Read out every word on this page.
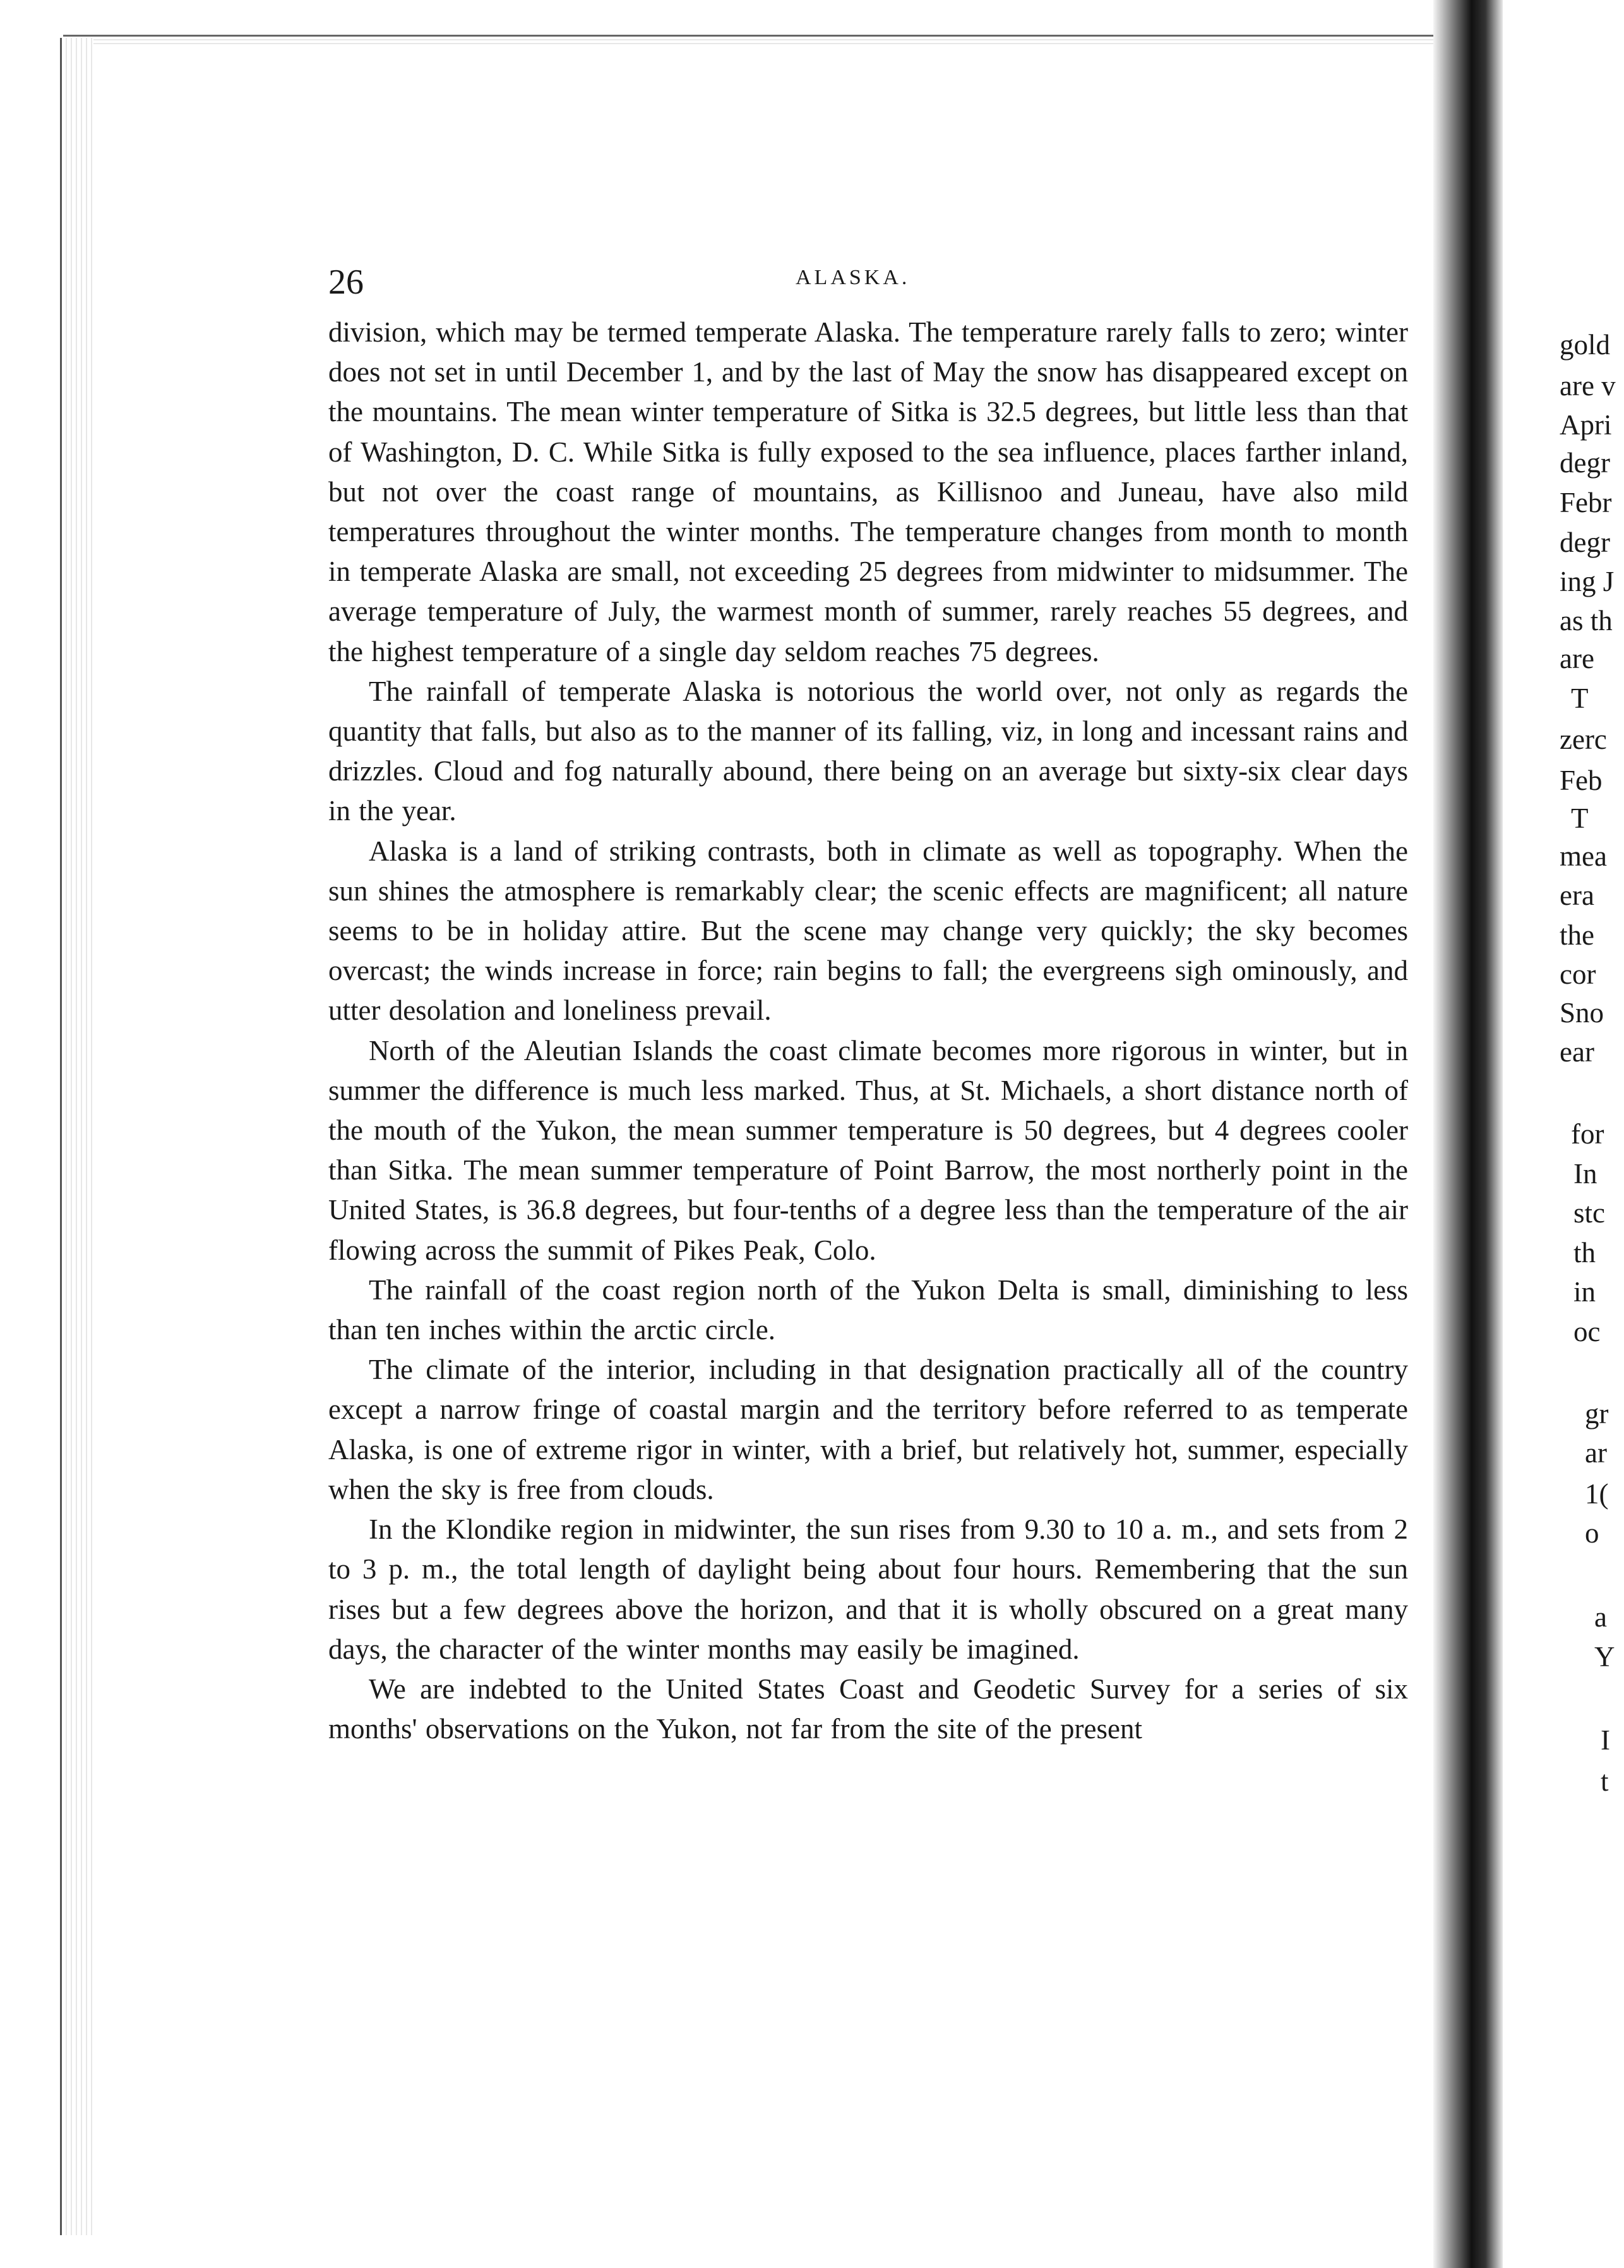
26	ALASKA.

division, which may be termed temperate Alaska. The temperature rarely falls to zero; winter does not set in until December 1, and by the last of May the snow has disappeared except on the mountains. The mean winter temperature of Sitka is 32.5 degrees, but little less than that of Washington, D. C. While Sitka is fully exposed to the sea influence, places farther inland, but not over the coast range of mountains, as Killisnoo and Juneau, have also mild temperatures throughout the winter months. The temperature changes from month to month in temperate Alaska are small, not exceeding 25 degrees from midwinter to midsummer. The average temperature of July, the warmest month of summer, rarely reaches 55 degrees, and the highest temperature of a single day seldom reaches 75 degrees.

The rainfall of temperate Alaska is notorious the world over, not only as regards the quantity that falls, but also as to the manner of its falling, viz, in long and incessant rains and drizzles. Cloud and fog naturally abound, there being on an average but sixty-six clear days in the year.

Alaska is a land of striking contrasts, both in climate as well as topography. When the sun shines the atmosphere is remarkably clear; the scenic effects are magnificent; all nature seems to be in holiday attire. But the scene may change very quickly; the sky becomes overcast; the winds increase in force; rain begins to fall; the evergreens sigh ominously, and utter desolation and loneliness prevail.

North of the Aleutian Islands the coast climate becomes more rigorous in winter, but in summer the difference is much less marked. Thus, at St. Michaels, a short distance north of the mouth of the Yukon, the mean summer temperature is 50 degrees, but 4 degrees cooler than Sitka. The mean summer temperature of Point Barrow, the most northerly point in the United States, is 36.8 degrees, but four-tenths of a degree less than the temperature of the air flowing across the summit of Pikes Peak, Colo.

The rainfall of the coast region north of the Yukon Delta is small, diminishing to less than ten inches within the arctic circle.

The climate of the interior, including in that designation practically all of the country except a narrow fringe of coastal margin and the territory before referred to as temperate Alaska, is one of extreme rigor in winter, with a brief, but relatively hot, summer, especially when the sky is free from clouds.

In the Klondike region in midwinter, the sun rises from 9.30 to 10 a. m., and sets from 2 to 3 p. m., the total length of daylight being about four hours. Remembering that the sun rises but a few degrees above the horizon, and that it is wholly obscured on a great many days, the character of the winter months may easily be imagined.

We are indebted to the United States Coast and Geodetic Survey for a series of six months' observations on the Yukon, not far from the site of the present

gold
are v
Apri
degr
Febr
degr
ing J
as th
are
T
zerc
Feb
T
mea
era
the
cor
Sno
ear
for
In
stc
th
in
oc
gr
ar
1(
o
a
Y
I
t
